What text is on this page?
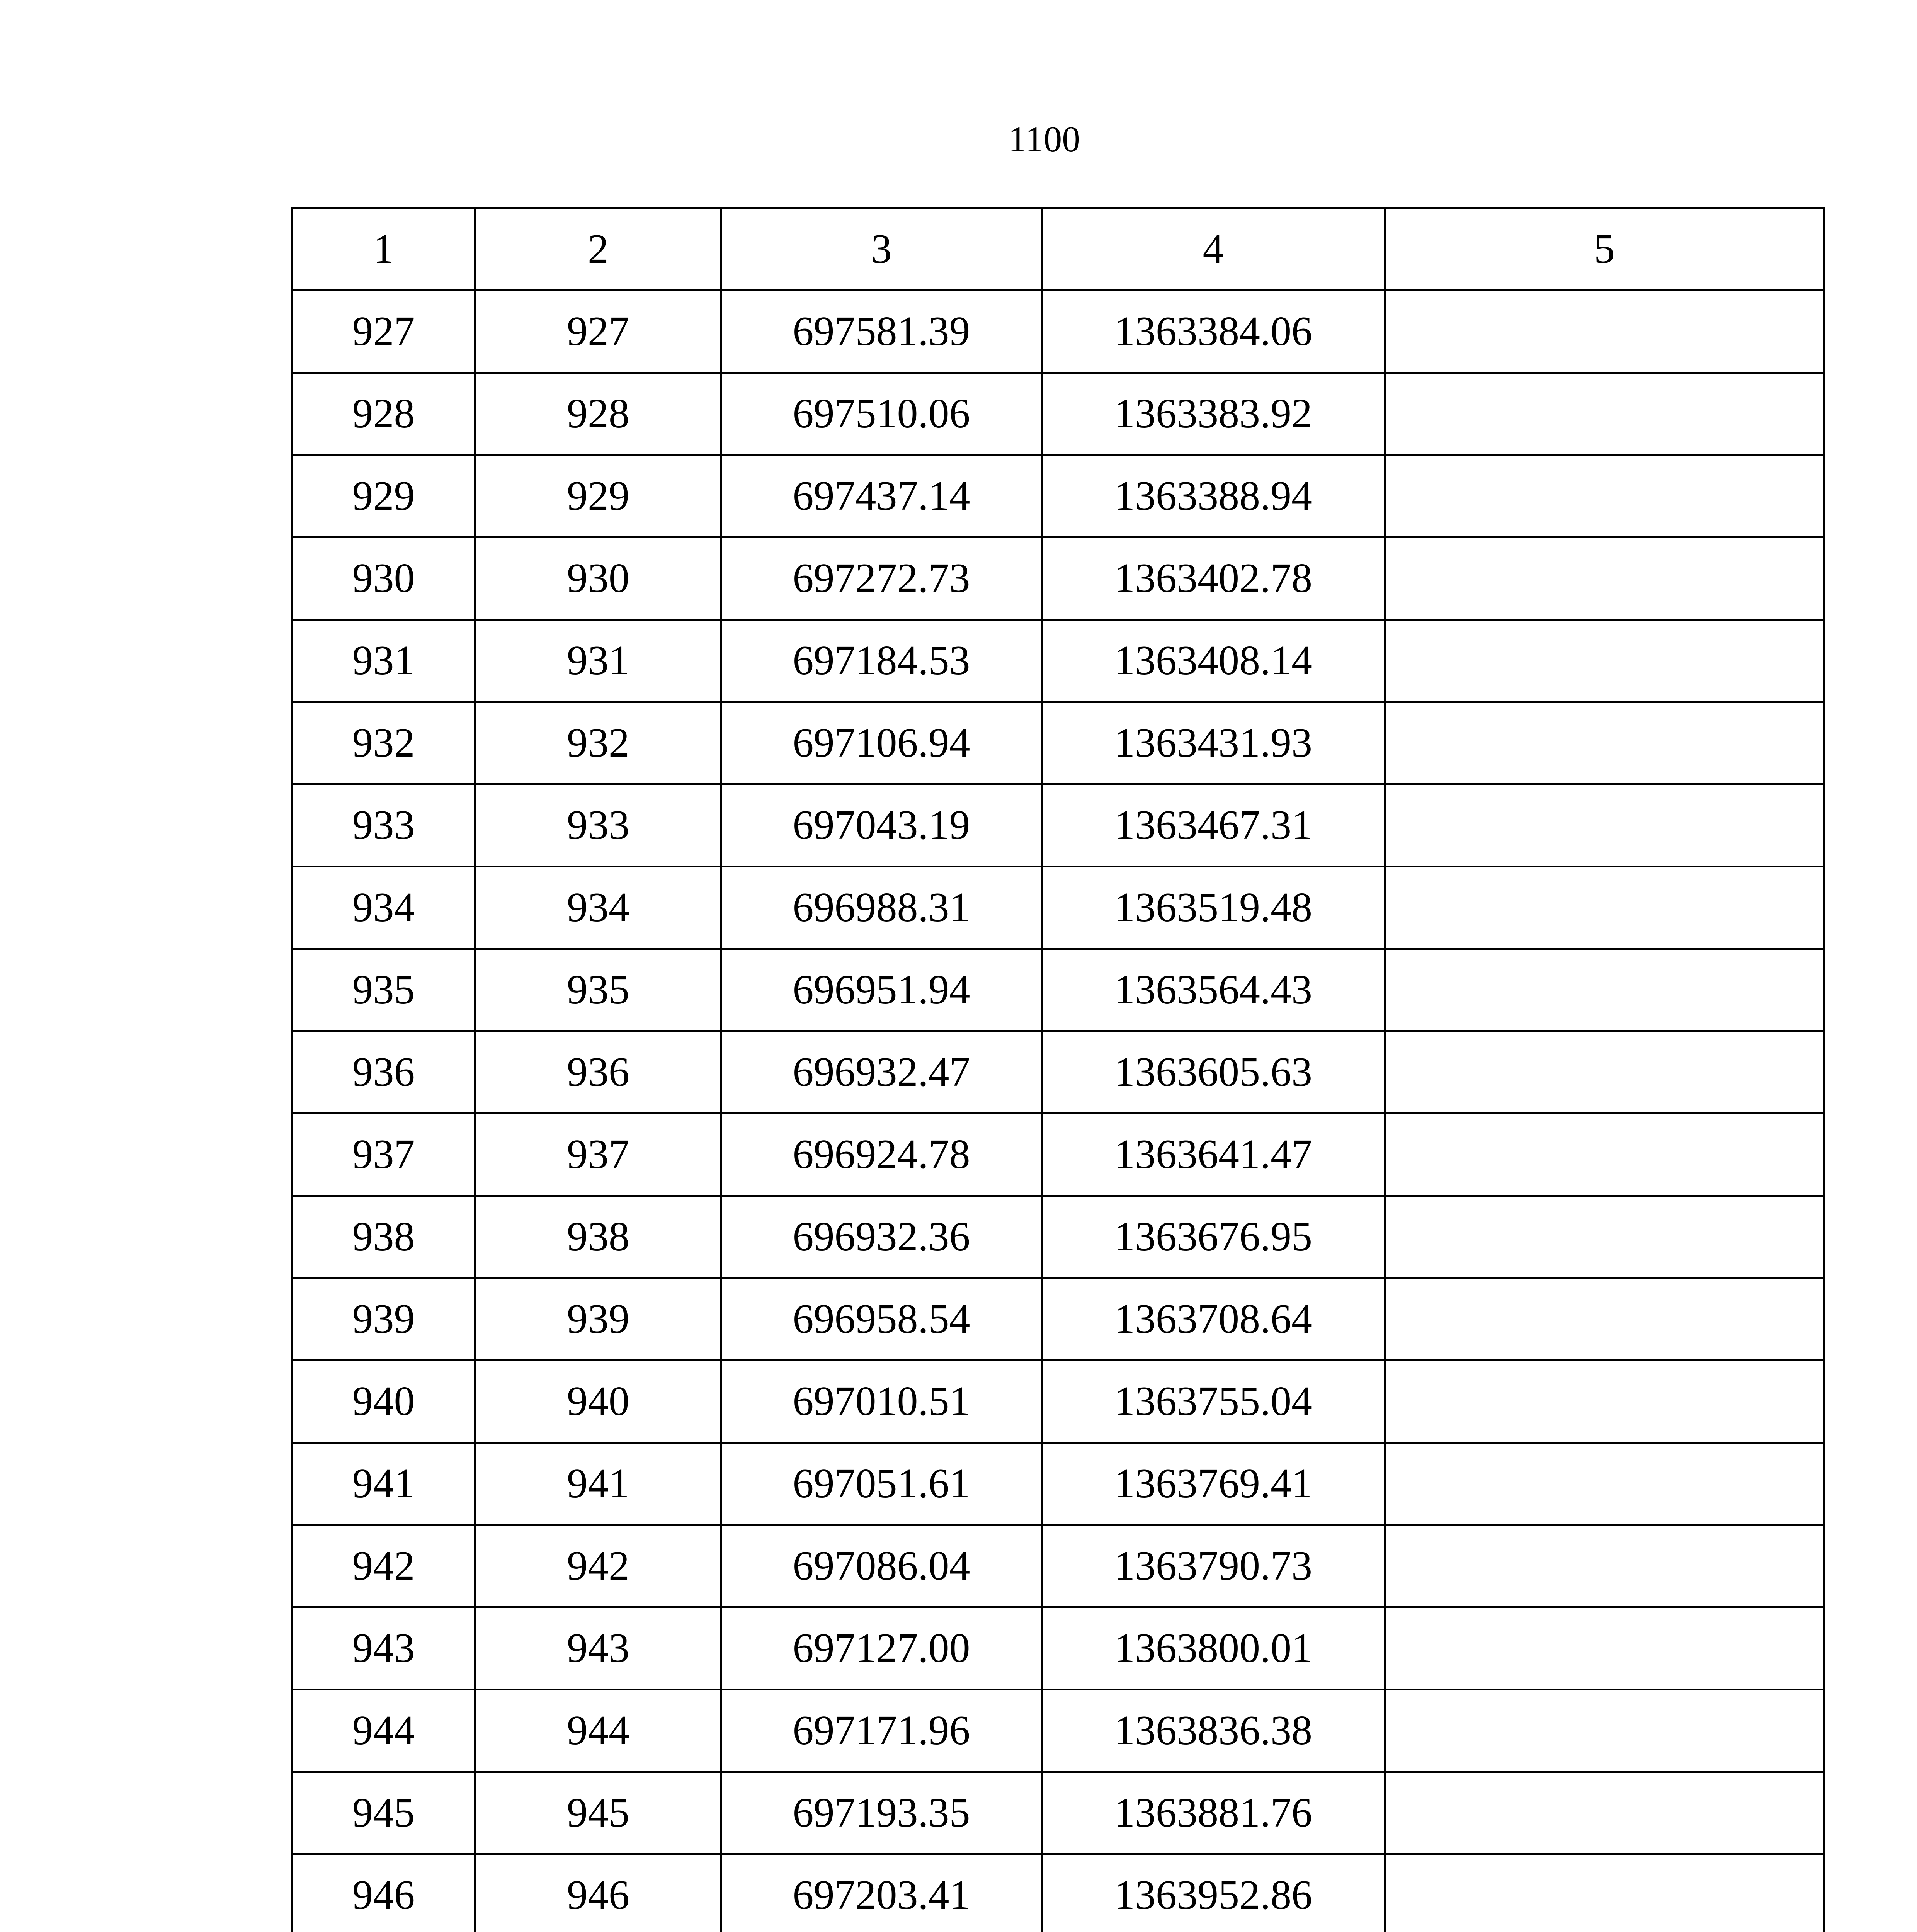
1100
1	2	3	4	5
927	927	697581.39	1363384.06	
928	928	697510.06	1363383.92	
929	929	697437.14	1363388.94	
930	930	697272.73	1363402.78	
931	931	697184.53	1363408.14	
932	932	697106.94	1363431.93	
933	933	697043.19	1363467.31	
934	934	696988.31	1363519.48	
935	935	696951.94	1363564.43	
936	936	696932.47	1363605.63	
937	937	696924.78	1363641.47	
938	938	696932.36	1363676.95	
939	939	696958.54	1363708.64	
940	940	697010.51	1363755.04	
941	941	697051.61	1363769.41	
942	942	697086.04	1363790.73	
943	943	697127.00	1363800.01	
944	944	697171.96	1363836.38	
945	945	697193.35	1363881.76	
946	946	697203.41	1363952.86	
